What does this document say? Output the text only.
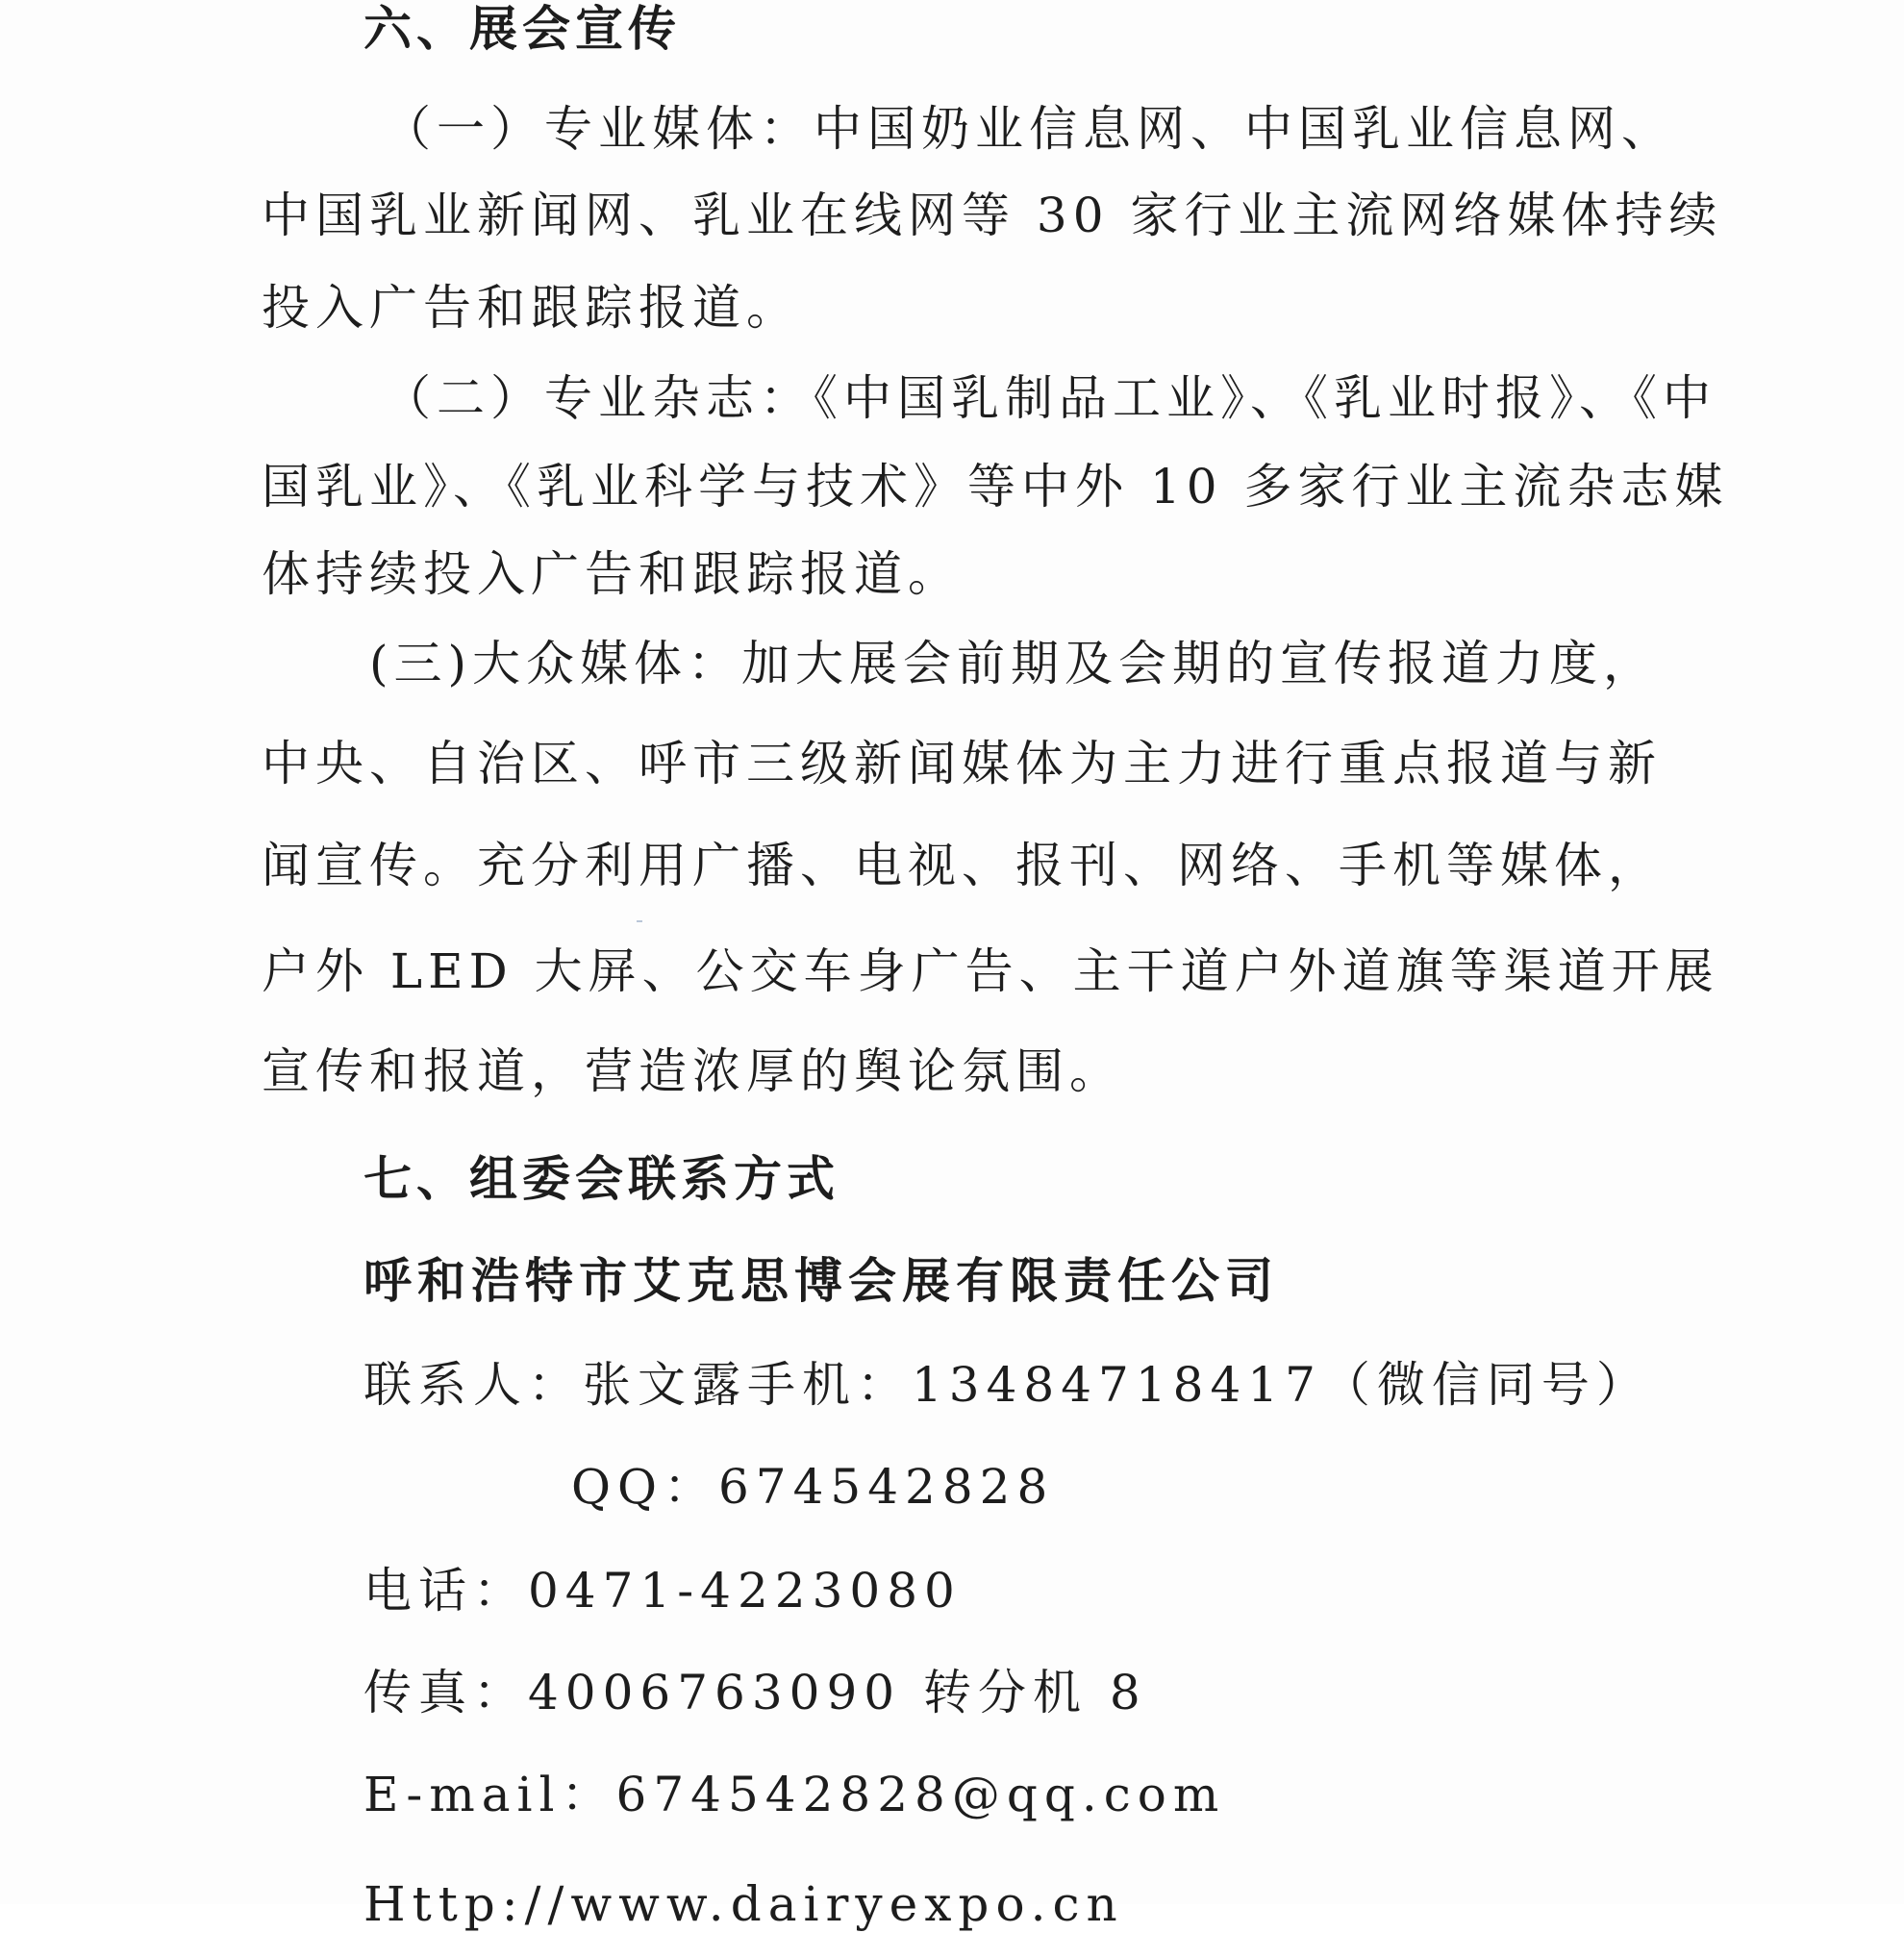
六、展会宣传
（一）专业媒体：中国奶业信息网、中国乳业信息网、
中国乳业新闻网、乳业在线网等 30 家行业主流网络媒体持续
投入广告和跟踪报道。
（二）专业杂志：《中国乳制品工业》、《乳业时报》、《中
国乳业》、《乳业科学与技术》等中外 10 多家行业主流杂志媒
体持续投入广告和跟踪报道。
(三)大众媒体：加大展会前期及会期的宣传报道力度，
中央、自治区、呼市三级新闻媒体为主力进行重点报道与新
闻宣传。充分利用广播、电视、报刊、网络、手机等媒体，
户外 LED 大屏、公交车身广告、主干道户外道旗等渠道开展
宣传和报道，营造浓厚的舆论氛围。
七、组委会联系方式
呼和浩特市艾克思博会展有限责任公司
联系人：张文露手机：13484718417（微信同号）
QQ：674542828
电话：0471-4223080
传真：4006763090 转分机 8
E-mail：674542828@qq.com
Http://www.dairyexpo.cn
